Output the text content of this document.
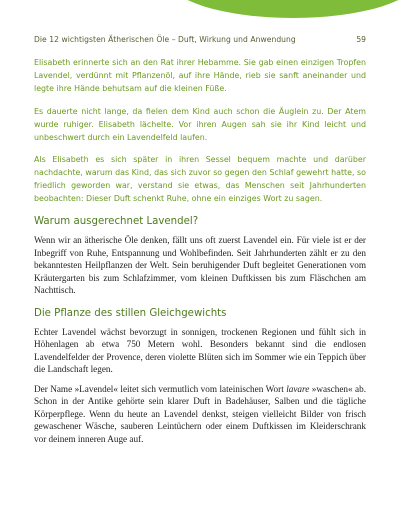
Die 12 wichtigsten Ätherischen Öle – Duft, Wirkung und Anwendung	59

Elisabeth erinnerte sich an den Rat ihrer Hebamme. Sie gab einen einzigen Tropfen Lavendel, verdünnt mit Pflanzenöl, auf ihre Hände, rieb sie sanft aneinander und legte ihre Hände behutsam auf die kleinen Füße.

Es dauerte nicht lange, da fielen dem Kind auch schon die Äuglein zu. Der Atem wurde ruhiger. Elisabeth lächelte. Vor ihren Augen sah sie ihr Kind leicht und unbeschwert durch ein Lavendelfeld laufen.

Als Elisabeth es sich später in ihren Sessel bequem machte und darüber nachdachte, warum das Kind, das sich zuvor so gegen den Schlaf gewehrt hatte, so friedlich geworden war, verstand sie etwas, das Menschen seit Jahrhunderten beobachten: Dieser Duft schenkt Ruhe, ohne ein einziges Wort zu sagen.

Warum ausgerechnet Lavendel?

Wenn wir an ätherische Öle denken, fällt uns oft zuerst Lavendel ein. Für viele ist er der Inbegriff von Ruhe, Entspannung und Wohlbefinden. Seit Jahrhunderten zählt er zu den bekanntesten Heilpflanzen der Welt. Sein beruhigender Duft begleitet Generationen vom Kräutergarten bis zum Schlafzimmer, vom kleinen Duftkissen bis zum Fläschchen am Nachttisch.

Die Pflanze des stillen Gleichgewichts

Echter Lavendel wächst bevorzugt in sonnigen, trockenen Regionen und fühlt sich in Höhenlagen ab etwa 750 Metern wohl. Besonders bekannt sind die endlosen Lavendelfelder der Provence, deren violette Blüten sich im Sommer wie ein Teppich über die Landschaft legen.

Der Name »Lavendel« leitet sich vermutlich vom lateinischen Wort lavare »waschen« ab. Schon in der Antike gehörte sein klarer Duft in Badehäuser, Salben und die tägliche Körperpflege. Wenn du heute an Lavendel denkst, steigen vielleicht Bilder von frisch gewaschener Wäsche, sauberen Leintüchern oder einem Duftkissen im Kleiderschrank vor deinem inneren Auge auf.
